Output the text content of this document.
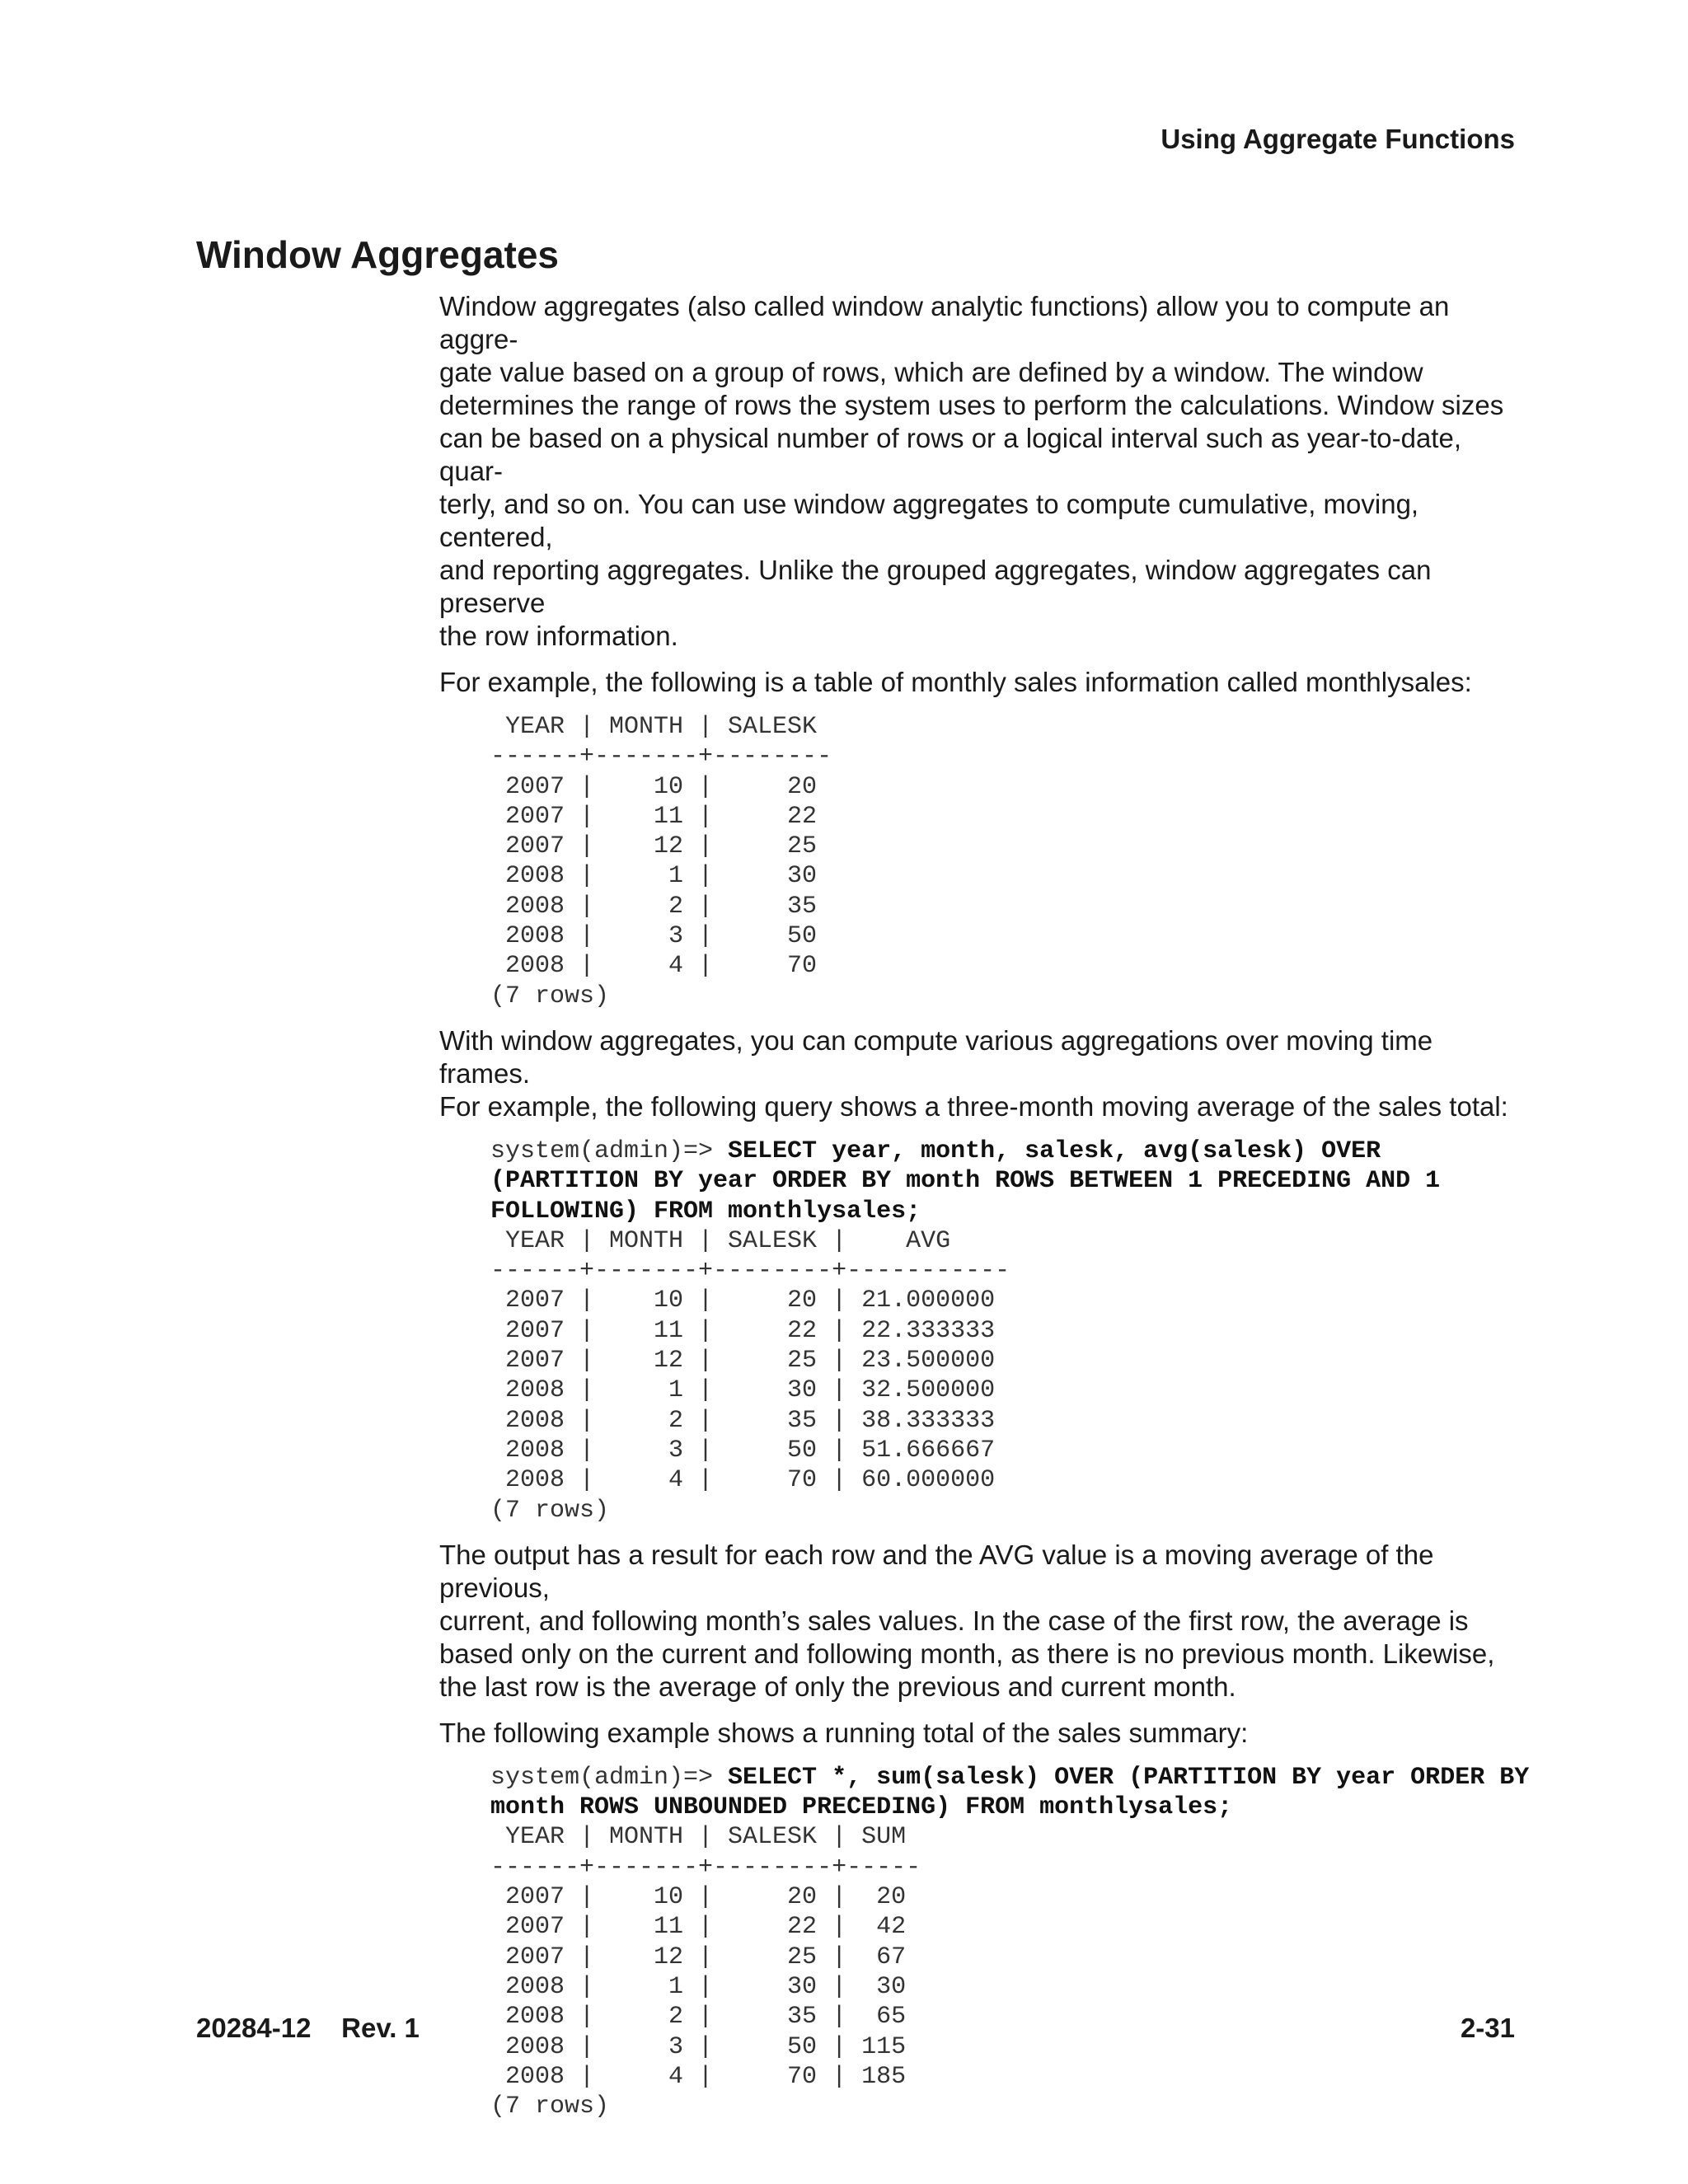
Using Aggregate Functions
Window Aggregates

Window aggregates (also called window analytic functions) allow you to compute an aggre-
gate value based on a group of rows, which are defined by a window. The window
determines the range of rows the system uses to perform the calculations. Window sizes
can be based on a physical number of rows or a logical interval such as year-to-date, quar-
terly, and so on. You can use window aggregates to compute cumulative, moving, centered,
and reporting aggregates. Unlike the grouped aggregates, window aggregates can preserve
the row information.

For example, the following is a table of monthly sales information called monthlysales:

YEAR | MONTH | SALESK
------+-------+--------
2007 |    10 |     20
2007 |    11 |     22
2007 |    12 |     25
2008 |     1 |     30
2008 |     2 |     35
2008 |     3 |     50
2008 |     4 |     70
(7 rows)

With window aggregates, you can compute various aggregations over moving time frames.
For example, the following query shows a three-month moving average of the sales total:

system(admin)=> SELECT year, month, salesk, avg(salesk) OVER
(PARTITION BY year ORDER BY month ROWS BETWEEN 1 PRECEDING AND 1
FOLLOWING) FROM monthlysales;
YEAR | MONTH | SALESK |    AVG
------+-------+--------+-----------
2007 |    10 |     20 | 21.000000
2007 |    11 |     22 | 22.333333
2007 |    12 |     25 | 23.500000
2008 |     1 |     30 | 32.500000
2008 |     2 |     35 | 38.333333
2008 |     3 |     50 | 51.666667
2008 |     4 |     70 | 60.000000
(7 rows)

The output has a result for each row and the AVG value is a moving average of the previous,
current, and following month’s sales values. In the case of the first row, the average is
based only on the current and following month, as there is no previous month. Likewise,
the last row is the average of only the previous and current month.

The following example shows a running total of the sales summary:

system(admin)=> SELECT *, sum(salesk) OVER (PARTITION BY year ORDER BY
month ROWS UNBOUNDED PRECEDING) FROM monthlysales;
YEAR | MONTH | SALESK | SUM
------+-------+--------+-----
2007 |    10 |     20 |  20
2007 |    11 |     22 |  42
2007 |    12 |     25 |  67
2008 |     1 |     30 |  30
2008 |     2 |     35 |  65
2008 |     3 |     50 | 115
2008 |     4 |     70 | 185
(7 rows)
20284-12    Rev. 1	2-31
